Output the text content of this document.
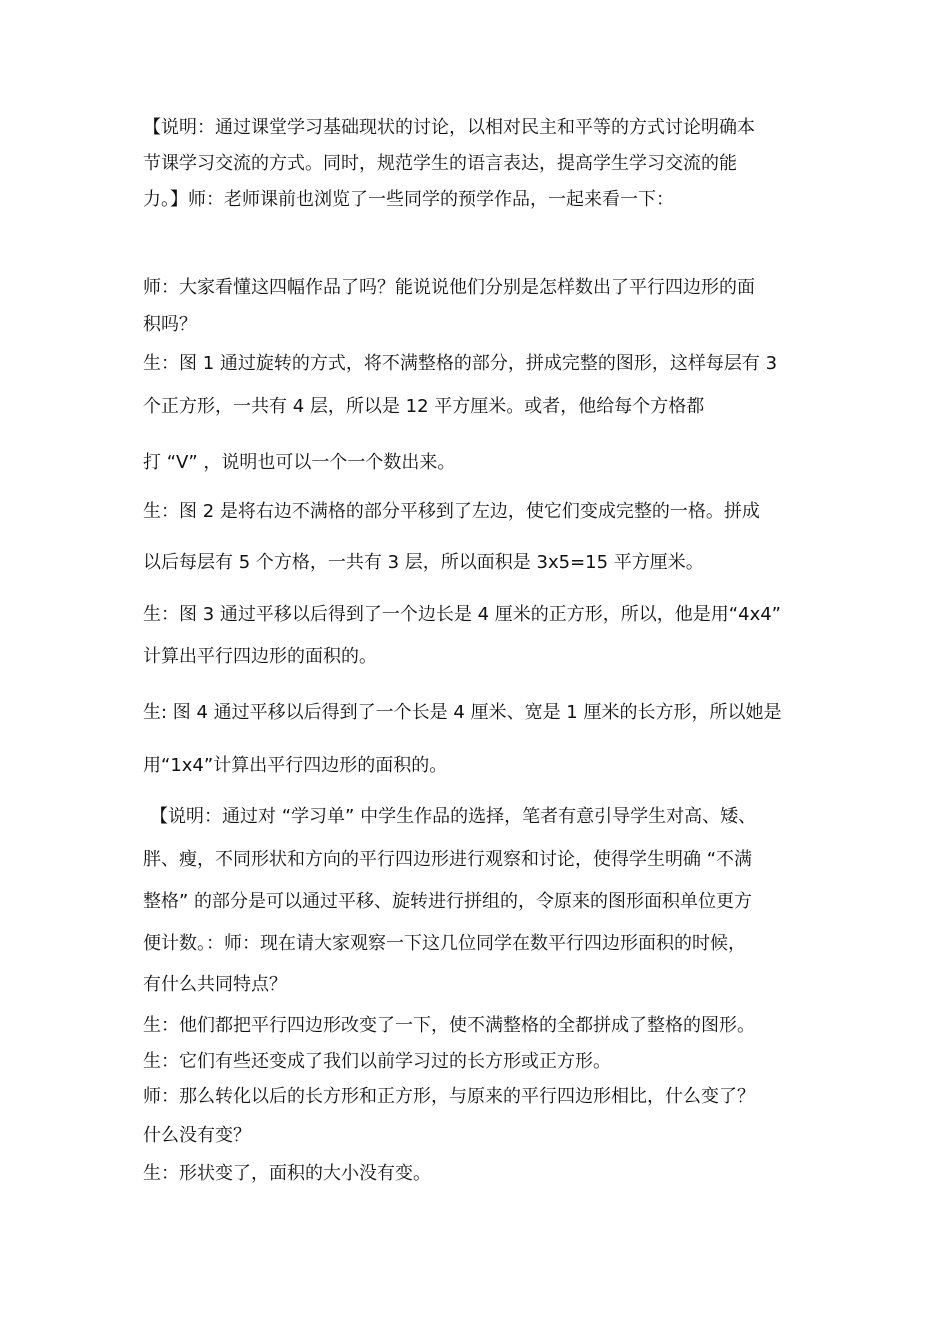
【说明：通过课堂学习基础现状的讨论，以相对民主和平等的方式讨论明确本

节课学习交流的方式。同时，规范学生的语言表达，提高学生学习交流的能

力。】师：老师课前也浏览了一些同学的预学作品，一起来看一下：

师：大家看懂这四幅作品了吗？能说说他们分别是怎样数出了平行四边形的面

积吗？

生：图 1 通过旋转的方式，将不满整格的部分，拼成完整的图形，这样每层有 3

个正方形，一共有 4 层，所以是 12 平方厘米。或者，他给每个方格都

打 “V” ，说明也可以一个一个数出来。

生：图 2 是将右边不满格的部分平移到了左边，使它们变成完整的一格。拼成

以后每层有 5 个方格，一共有 3 层，所以面积是 3x5=15 平方厘米。

生：图 3 通过平移以后得到了一个边长是 4 厘米的正方形，所以，他是用“4x4”

计算出平行四边形的面积的。

生: 图 4 通过平移以后得到了一个长是 4 厘米、宽是 1 厘米的长方形，所以她是

用“1x4”计算出平行四边形的面积的。

【说明：通过对 “学习单” 中学生作品的选择，笔者有意引导学生对高、矮、

胖、瘦，不同形状和方向的平行四边形进行观察和讨论，使得学生明确 “不满

整格” 的部分是可以通过平移、旋转进行拼组的，令原来的图形面积单位更方

便计数。：师：现在请大家观察一下这几位同学在数平行四边形面积的时候，

有什么共同特点？

生：他们都把平行四边形改变了一下，使不满整格的全都拼成了整格的图形。

生：它们有些还变成了我们以前学习过的长方形或正方形。

师：那么转化以后的长方形和正方形，与原来的平行四边形相比，什么变了？

什么没有变？

生：形状变了，面积的大小没有变。
